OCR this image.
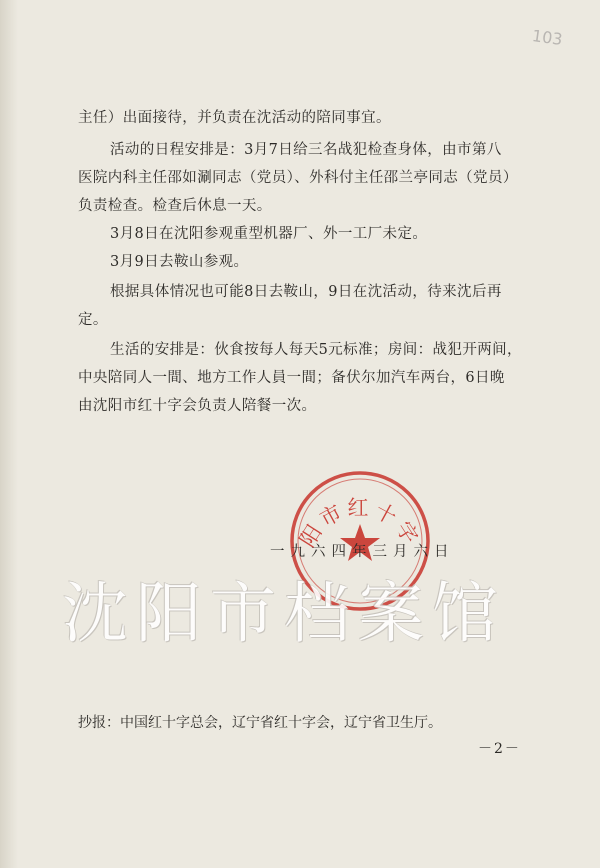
103
主任）出面接待，并负责在沈活动的陪同事宜。
活动的日程安排是：3月7日给三名战犯检查身体，由市第八
医院内科主任邵如涮同志（党员）、外科付主任邵兰亭同志（党员）
负责检查。检查后休息一天。
3月8日在沈阳参观重型机器厂、外一工厂未定。
3月9日去鞍山参观。
根据具体情况也可能8日去鞍山，9日在沈活动，待来沈后再
定。
生活的安排是：伙食按每人每天5元标准；房间：战犯开两间，
中央陪同人一間、地方工作人員一間；备伏尔加汽车两台，6日晚
由沈阳市红十字会负责人陪餐一次。
阳市红十字
一九六四年三月六日
沈阳市档案馆
抄报：中国红十字总会，辽宁省红十字会，辽宁省卫生厅。
－2－
